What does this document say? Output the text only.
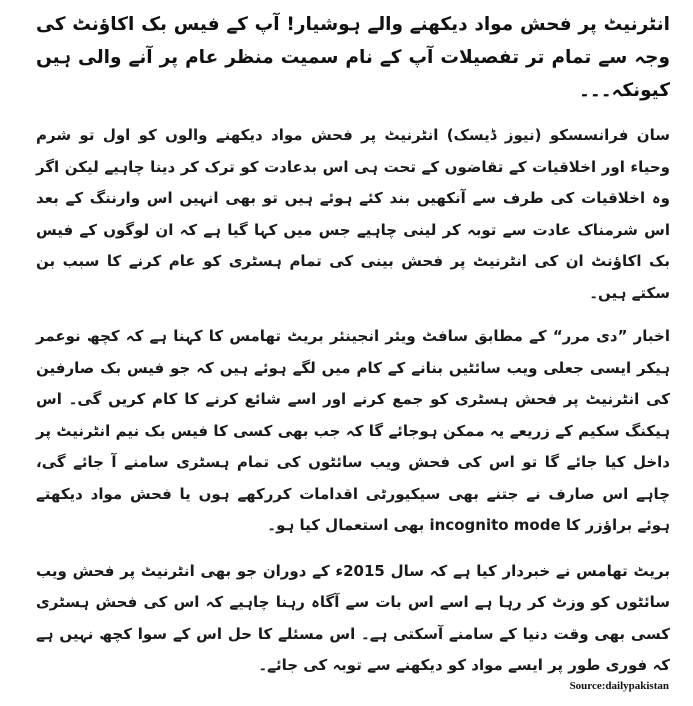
انٹرنیٹ پر فحش مواد دیکھنے والے ہوشیار! آپ کے فیس بک اکاﺅنٹ کی وجہ سے تمام تر تفصیلات آپ کے نام سمیت منظر عام پر آنے والی ہیں کیونکہ۔۔۔

سان فرانسسکو (نیوز ڈیسک) انٹرنیٹ پر فحش مواد دیکھنے والوں کو اول تو شرم وحیاء اور اخلاقیات کے تقاضوں کے تحت ہی اس بدعادت کو ترک کر دینا چاہیے لیکن اگر وہ اخلاقیات کی طرف سے آنکھیں بند کئے ہوئے ہیں تو بھی انہیں اس وارننگ کے بعد اس شرمناک عادت سے توبہ کر لینی چاہیے جس میں کہا گیا ہے کہ ان لوگوں کے فیس بک اکاﺅنٹ ان کی انٹرنیٹ پر فحش بینی کی تمام ہسٹری کو عام کرنے کا سبب بن سکتے ہیں۔

اخبار ”دی مرر“ کے مطابق سافٹ ویئر انجینئر بریٹ تھامس کا کہنا ہے کہ کچھ نوعمر ہیکر ایسی جعلی ویب سائٹیں بنانے کے کام میں لگے ہوئے ہیں کہ جو فیس بک صارفین کی انٹرنیٹ پر فحش ہسٹری کو جمع کرنے اور اسے شائع کرنے کا کام کریں گی۔ اس ہیکنگ سکیم کے زریعے یہ ممکن ہوجائے گا کہ جب بھی کسی کا فیس بک نیم انٹرنیٹ پر داخل کیا جائے گا تو اس کی فحش ویب سائٹوں کی تمام ہسٹری سامنے آ جائے گی، چاہے اس صارف نے جتنے بھی سیکیورٹی اقدامات کررکھے ہوں یا فحش مواد دیکھتے ہوئے براﺅزر کا incognito mode بھی استعمال کیا ہو۔

بریٹ تھامس نے خبردار کیا ہے کہ سال 2015ء کے دوران جو بھی انٹرنیٹ پر فحش ویب سائٹوں کو وزٹ کر رہا ہے اسے اس بات سے آگاہ رہنا چاہیے کہ اس کی فحش ہسٹری کسی بھی وقت دنیا کے سامنے آسکتی ہے۔ اس مسئلے کا حل اس کے سوا کچھ نہیں ہے کہ فوری طور پر ایسے مواد کو دیکھنے سے توبہ کی جائے۔

Source:dailypakistan
